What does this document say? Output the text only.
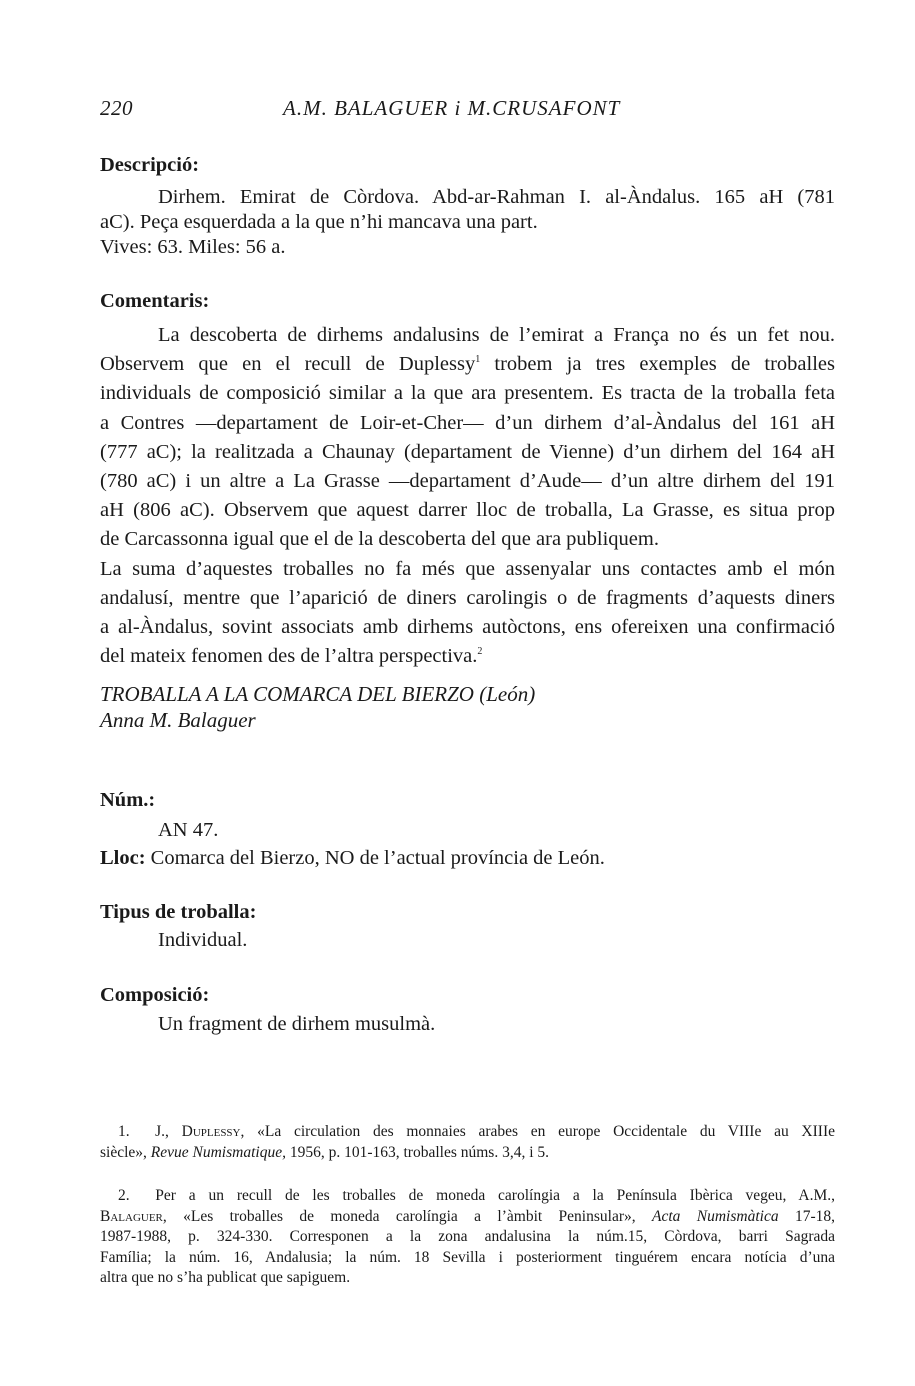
220	A.M. BALAGUER i M.CRUSAFONT
Descripció:
Dirhem. Emirat de Còrdova. Abd-ar-Rahman I. al-Àndalus. 165 aH (781
aC). Peça esquerdada a la que n’hi mancava una part.
Vives: 63. Miles: 56 a.
Comentaris:
La descoberta de dirhems andalusins de l’emirat a França no és un fet nou.
Observem que en el recull de Duplessy$^1$ trobem ja tres exemples de troballes
individuals de composició similar a la que ara presentem. Es tracta de la troballa feta
a Contres —departament de Loir-et-Cher— d’un dirhem d’al-Àndalus del 161 aH
(777 aC); la realitzada a Chaunay (departament de Vienne) d’un dirhem del 164 aH
(780 aC) i un altre a La Grasse —departament d’Aude— d’un altre dirhem del 191
aH (806 aC). Observem que aquest darrer lloc de troballa, La Grasse, es situa prop
de Carcassonna igual que el de la descoberta del que ara publiquem.
La suma d’aquestes troballes no fa més que assenyalar uns contactes amb el món
andalusí, mentre que l’aparició de diners carolingis o de fragments d’aquests diners
a al-Àndalus, sovint associats amb dirhems autòctons, ens ofereixen una confirmació
del mateix fenomen des de l’altra perspectiva.$^2$
TROBALLA A LA COMARCA DEL BIERZO (León)
Anna M. Balaguer
Núm.:
AN 47.
Lloc: Comarca del Bierzo, NO de l’actual província de León.
Tipus de troballa:
Individual.
Composició:
Un fragment de dirhem musulmà.
1. J., Duplessy, «La circulation des monnaies arabes en europe Occidentale du VIIIe au XIIIe
siècle», Revue Numismatique, 1956, p. 101-163, troballes núms. 3,4, i 5.
2. Per a un recull de les troballes de moneda carolíngia a la Península Ibèrica vegeu, A.M.,
Balaguer, «Les troballes de moneda carolíngia a l’àmbit Peninsular», Acta Numismàtica 17-18,
1987-1988, p. 324-330. Corresponen a la zona andalusina la núm.15, Còrdova, barri Sagrada
Família; la núm. 16, Andalusia; la núm. 18 Sevilla i posteriorment tinguérem encara notícia d’una
altra que no s’ha publicat que sapiguem.
